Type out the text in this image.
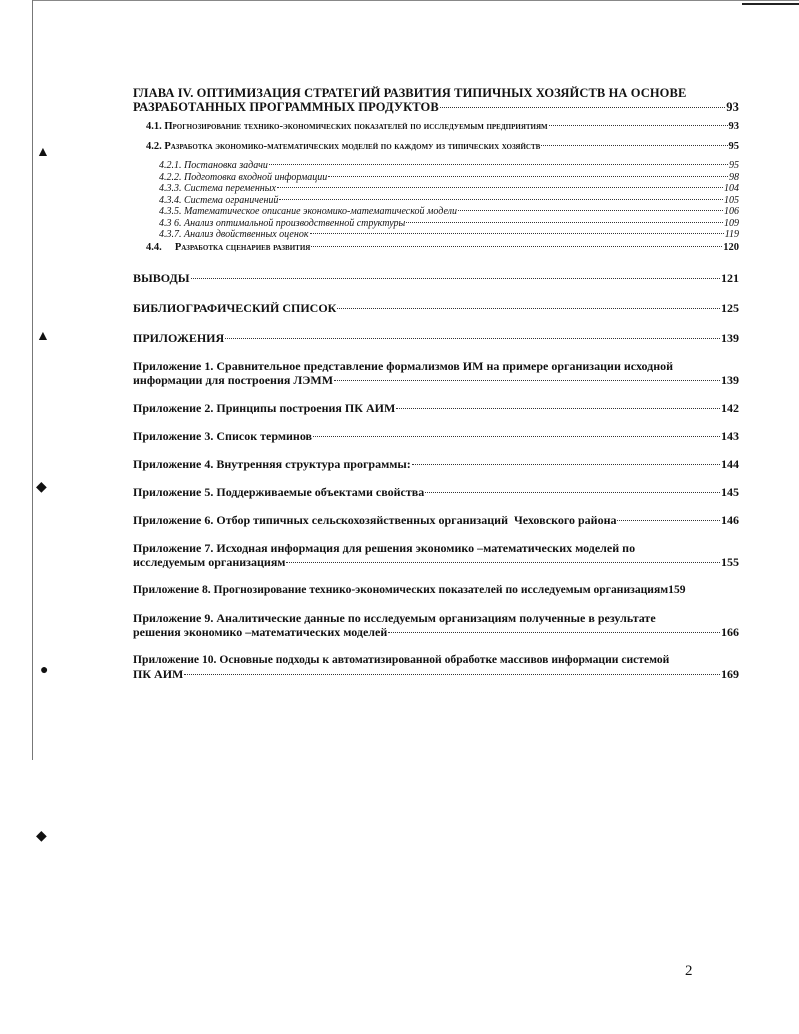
▲
▲
◆
●
◆
ГЛАВА IV. ОПТИМИЗАЦИЯ СТРАТЕГИЙ РАЗВИТИЯ ТИПИЧНЫХ ХОЗЯЙСТВ НА ОСНОВЕ
РАЗРАБОТАННЫХ ПРОГРАММНЫХ ПРОДУКТОВ	93
4.1. Прогнозирование технико-экономических показателей по исследуемым предприятиям	93
4.2. Разработка экономико-математических моделей по каждому из типических хозяйств	95
4.2.1. Постановка задачи	95
4.2.2. Подготовка входной информации	98
4.3.3. Система переменных	104
4.3.4. Система ограничений	105
4.3.5. Математическое описание экономико-математической модели	106
4.3 6. Анализ оптимальной производственной структуры	109
4.3.7. Анализ двойственных оценок	119
4.4.     Разработка сценариев развития	120
ВЫВОДЫ	121
БИБЛИОГРАФИЧЕСКИЙ СПИСОК	125
ПРИЛОЖЕНИЯ	139
Приложение 1. Сравнительное представление формализмов ИМ на примере организации исходной
информации для построения ЛЭММ	139
Приложение 2. Принципы построения ПК АИМ	142
Приложение 3. Список терминов	143
Приложение 4. Внутренняя структура программы:	144
Приложение 5. Поддерживаемые объектами свойства	145
Приложение 6. Отбор типичных сельскохозяйственных организаций  Чеховского района	146
Приложение 7. Исходная информация для решения экономико –математических моделей по
исследуемым организациям	155
Приложение 8. Прогнозирование технико-экономических показателей по исследуемым организациям 159
Приложение 9. Аналитические данные по исследуемым организациям полученные в результате
решения экономико –математических моделей	166
Приложение 10. Основные подходы к автоматизированной обработке массивов информации системой
ПК АИМ	169
2
